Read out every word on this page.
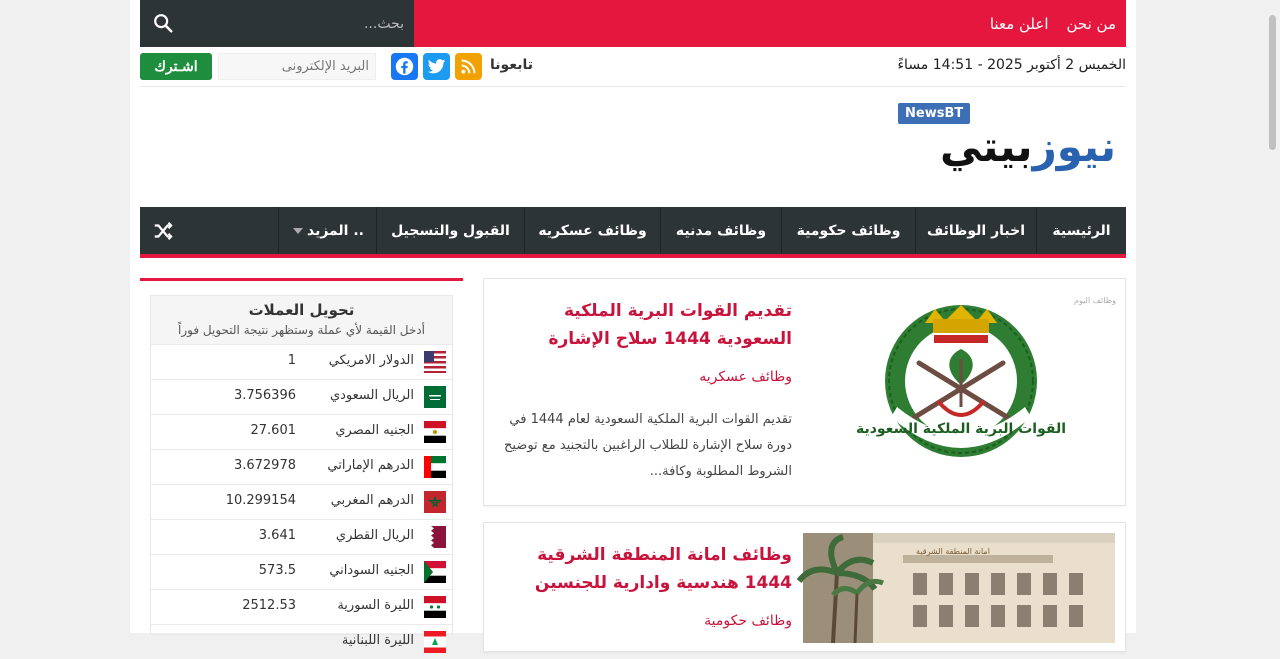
من نحن
اعلن معنا
بحث...
الخميس 2 أكتوبر 2025 - 14:51 مساءً
تابعونا
البريد الإلكترونى
اشـترك
NewsBT
نيوزبيتي
الرئيسية
اخبار الوظائف
وظائف حكومية
وظائف مدنيه
وظائف عسكريه
القبول والتسجيل
المزيد ..
تحويل العملات
أدخل القيمة لأي عملة وستظهر نتيجة التحويل فوراً
الدولار الامريكي
1
الريال السعودي
3.756396
الجنيه المصري
27.601
الدرهم الإماراتي
3.672978
الدرهم المغربي
10.299154
الريال القطري
3.641
الجنيه السوداني
573.5
الليرة السورية
2512.53
الليرة اللبنانية
وظائف اليوم
القوات البرية الملكية السعودية
تقديم القوات البرية الملكية السعودية 1444 سلاح الإشارة
وظائف عسكريه
تقديم القوات البرية الملكية السعودية لعام 1444 في دورة سلاح الإشارة للطلاب الراغبين بالتجنيد مع توضيح الشروط المطلوبة وكافة...
امانة المنطقة الشرقية
وظائف امانة المنطقة الشرقية 1444 هندسية وادارية للجنسين
وظائف حكومية
